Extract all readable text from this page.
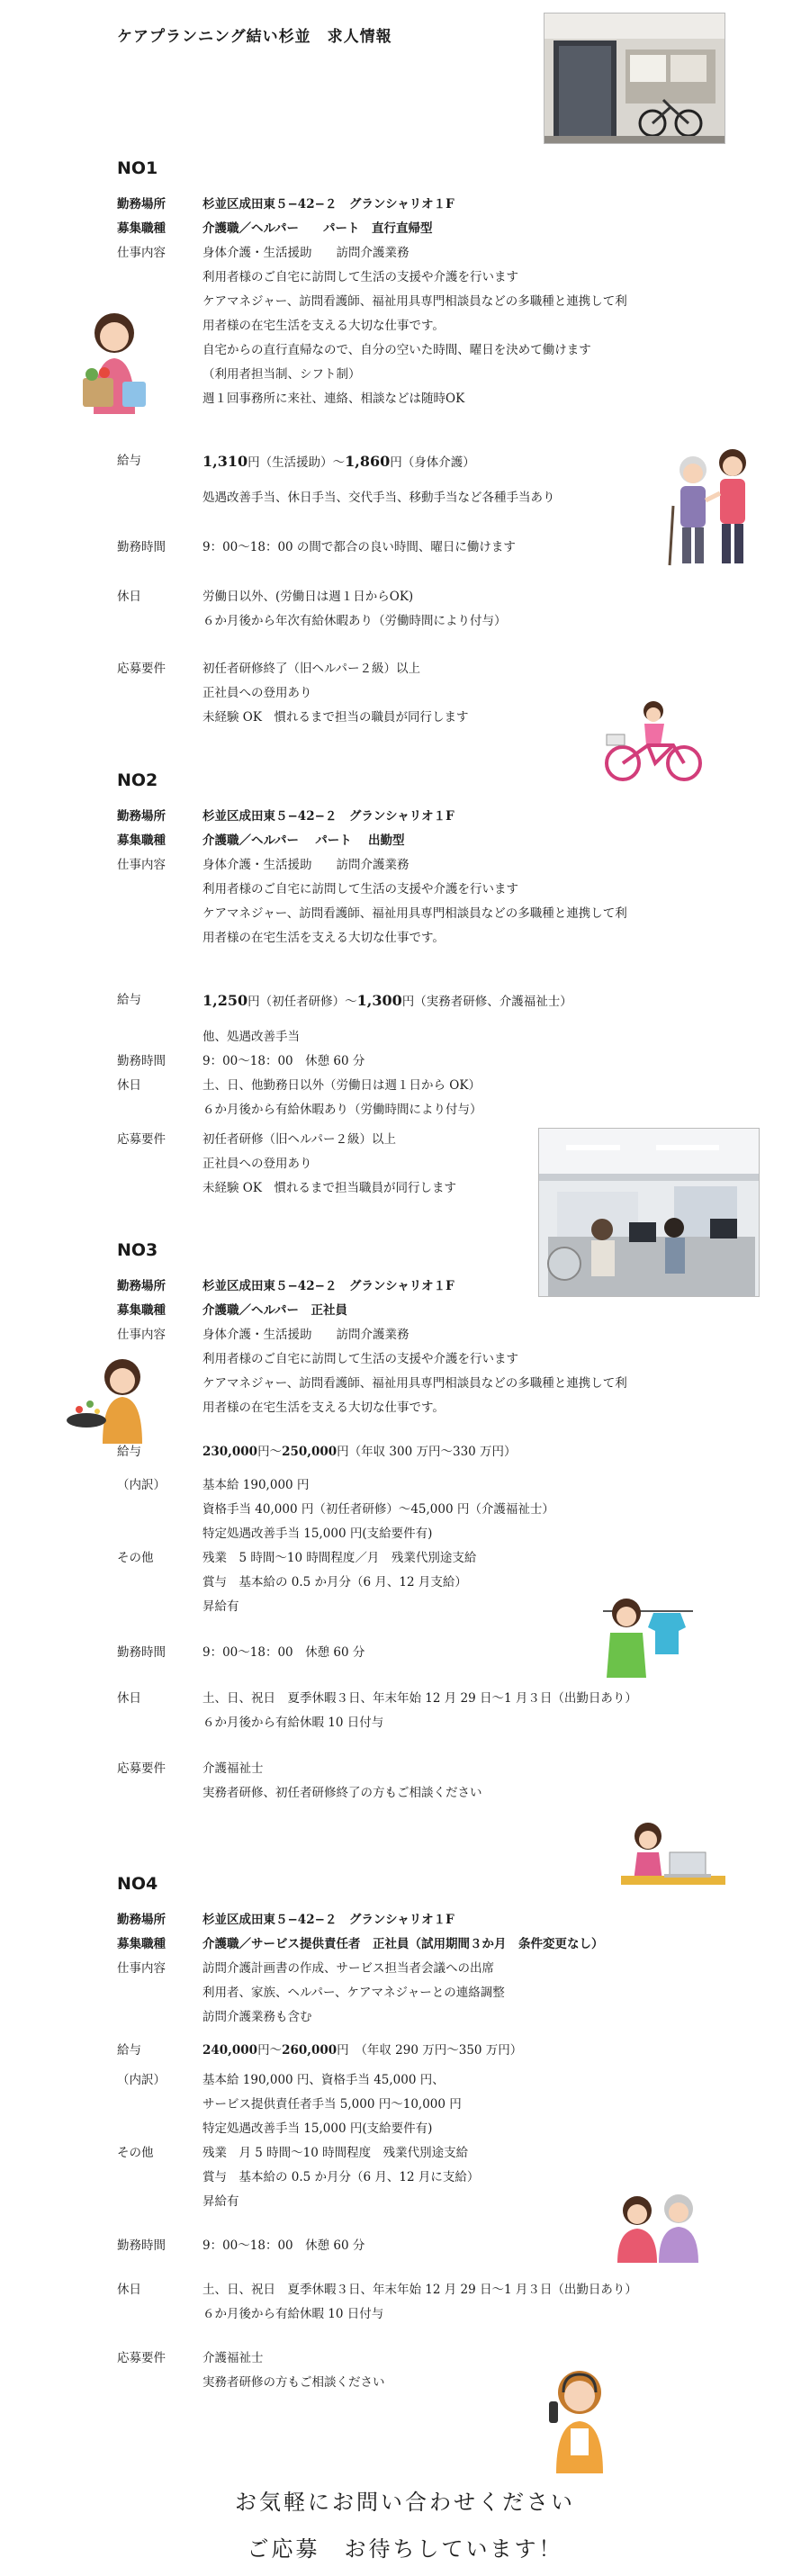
ケアプランニング結い杉並　求人情報
NO1
勤務場所	杉並区成田東５−42−２　グランシャリオ１F
募集職種	介護職／ヘルパー　　パート　直行直帰型
仕事内容	身体介護・生活援助　　訪問介護業務
利用者様のご自宅に訪問して生活の支援や介護を行います
ケアマネジャー、訪問看護師、福祉用具専門相談員などの多職種と連携して利
用者様の在宅生活を支える大切な仕事です。
自宅からの直行直帰なので、自分の空いた時間、曜日を決めて働けます
（利用者担当制、シフト制）
週１回事務所に来社、連絡、相談などは随時OK
給与	1,310円（生活援助）〜1,860円（身体介護）
処遇改善手当、休日手当、交代手当、移動手当など各種手当あり
勤務時間	9：00〜18：00 の間で都合の良い時間、曜日に働けます
休日	労働日以外、(労働日は週１日からOK)
６か月後から年次有給休暇あり（労働時間により付与）
応募要件	初任者研修終了（旧ヘルパー２級）以上
正社員への登用あり
未経験 OK　慣れるまで担当の職員が同行します
NO2
勤務場所	杉並区成田東５−42−２　グランシャリオ１F
募集職種	介護職／ヘルパー　 パート　 出勤型
仕事内容	身体介護・生活援助　　訪問介護業務
利用者様のご自宅に訪問して生活の支援や介護を行います
ケアマネジャー、訪問看護師、福祉用具専門相談員などの多職種と連携して利
用者様の在宅生活を支える大切な仕事です。
給与	1,250円（初任者研修）〜1,300円（実務者研修、介護福祉士）
他、処遇改善手当
勤務時間	9：00〜18：00　休憩 60 分
休日	土、日、他勤務日以外（労働日は週１日から OK）
６か月後から有給休暇あり（労働時間により付与）
応募要件	初任者研修（旧ヘルパー２級）以上
正社員への登用あり
未経験 OK　慣れるまで担当職員が同行します
NO3
勤務場所	杉並区成田東５−42−２　グランシャリオ１F
募集職種	介護職／ヘルパー　正社員
仕事内容	身体介護・生活援助　　訪問介護業務
利用者様のご自宅に訪問して生活の支援や介護を行います
ケアマネジャー、訪問看護師、福祉用具専門相談員などの多職種と連携して利
用者様の在宅生活を支える大切な仕事です。
給与	230,000円〜250,000円（年収 300 万円〜330 万円）
（内訳）	基本給 190,000 円
資格手当 40,000 円（初任者研修）〜45,000 円（介護福祉士）
特定処遇改善手当 15,000 円(支給要件有)
その他	残業　5 時間〜10 時間程度／月　残業代別途支給
賞与　基本給の 0.5 か月分（6 月、12 月支給）
昇給有
勤務時間	9：00〜18：00　休憩 60 分
休日	土、日、祝日　夏季休暇３日、年末年始 12 月 29 日〜1 月３日（出勤日あり）
６か月後から有給休暇 10 日付与
応募要件	介護福祉士
実務者研修、初任者研修終了の方もご相談ください
NO4
勤務場所	杉並区成田東５−42−２　グランシャリオ１F
募集職種	介護職／サービス提供責任者　正社員（試用期間３か月　条件変更なし）
仕事内容	訪問介護計画書の作成、サービス担当者会議への出席
利用者、家族、ヘルパー、ケアマネジャーとの連絡調整
訪問介護業務も含む
給与	240,000円〜260,000円　（年収 290 万円〜350 万円）
（内訳）	基本給 190,000 円、資格手当 45,000 円、
サービス提供責任者手当 5,000 円〜10,000 円
特定処遇改善手当 15,000 円(支給要件有)
その他	残業　月 5 時間〜10 時間程度　残業代別途支給
賞与　基本給の 0.5 か月分（6 月、12 月に支給）
昇給有
勤務時間	9：00〜18：00　休憩 60 分
休日	土、日、祝日　夏季休暇３日、年末年始 12 月 29 日〜1 月３日（出勤日あり）
６か月後から有給休暇 10 日付与
応募要件	介護福祉士
実務者研修の方もご相談ください
お気軽にお問い合わせください
ご応募　お待ちしています！
